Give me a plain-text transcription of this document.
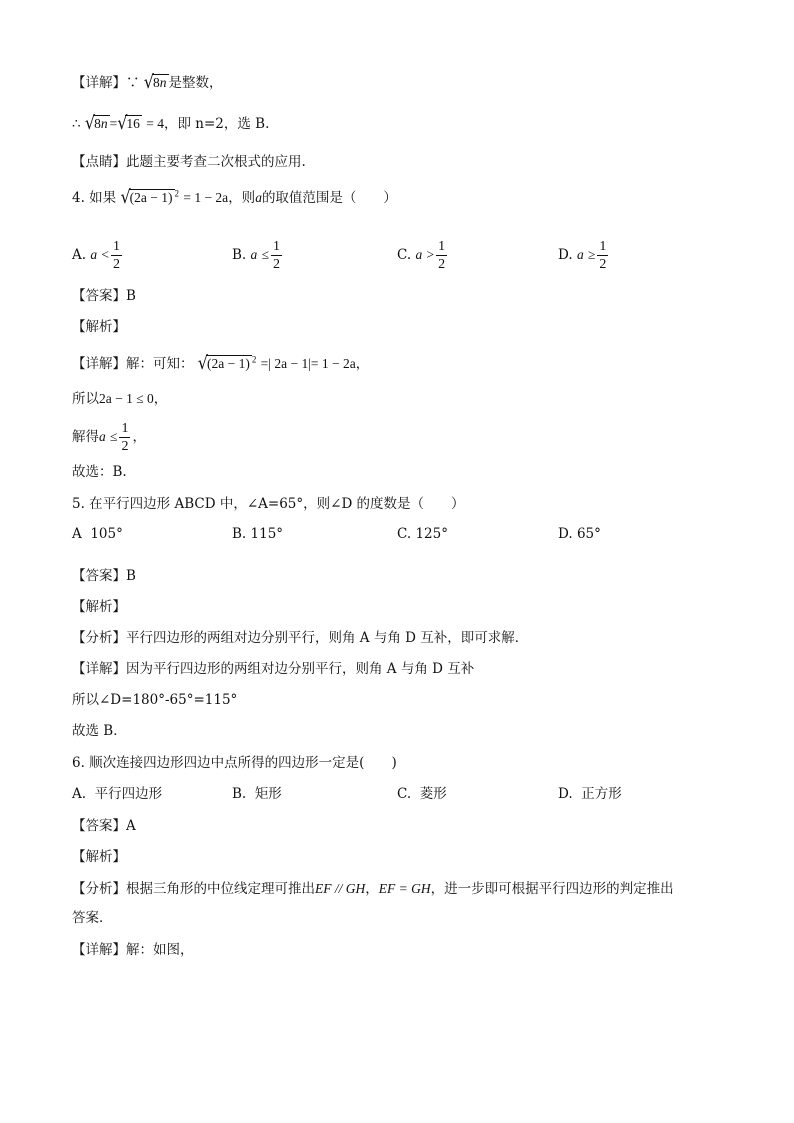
【详解】∵ √8n 是整数，
∴ √8n =√16 = 4，即 n=2，选 B.
【点睛】此题主要考查二次根式的应用.
4. 如果 √(2a − 1) $^2$ = 1 − 2a，则a的取值范围是（　　）
A. $a < \frac{1}{2}$	B. $a \le \frac{1}{2}$	C. $a > \frac{1}{2}$	D. $a \ge \frac{1}{2}$
【答案】B
【解析】
【详解】解：可知： √(2a − 1) $^2$ =| 2a − 1|= 1 − 2a，
所以2a − 1 ≤ 0，
解得$a \le \frac{1}{2}$ ，
故选：B.
5. 在平行四边形 ABCD 中，∠A=65°，则∠D 的度数是（　　）
A 105°	B. 115°	C. 125°	D. 65°
【答案】B
【解析】
【分析】平行四边形的两组对边分别平行，则角 A 与角 D 互补，即可求解．
【详解】因为平行四边形的两组对边分别平行，则角 A 与角 D 互补
所以∠D=180°-65°=115°
故选 B．
6. 顺次连接四边形四边中点所得的四边形一定是(　　)
A. 平行四边形	B. 矩形	C. 菱形	D. 正方形
【答案】A
【解析】
【分析】根据三角形的中位线定理可推出EF // GH，EF = GH，进一步即可根据平行四边形的判定推出
答案．
【详解】解：如图，
